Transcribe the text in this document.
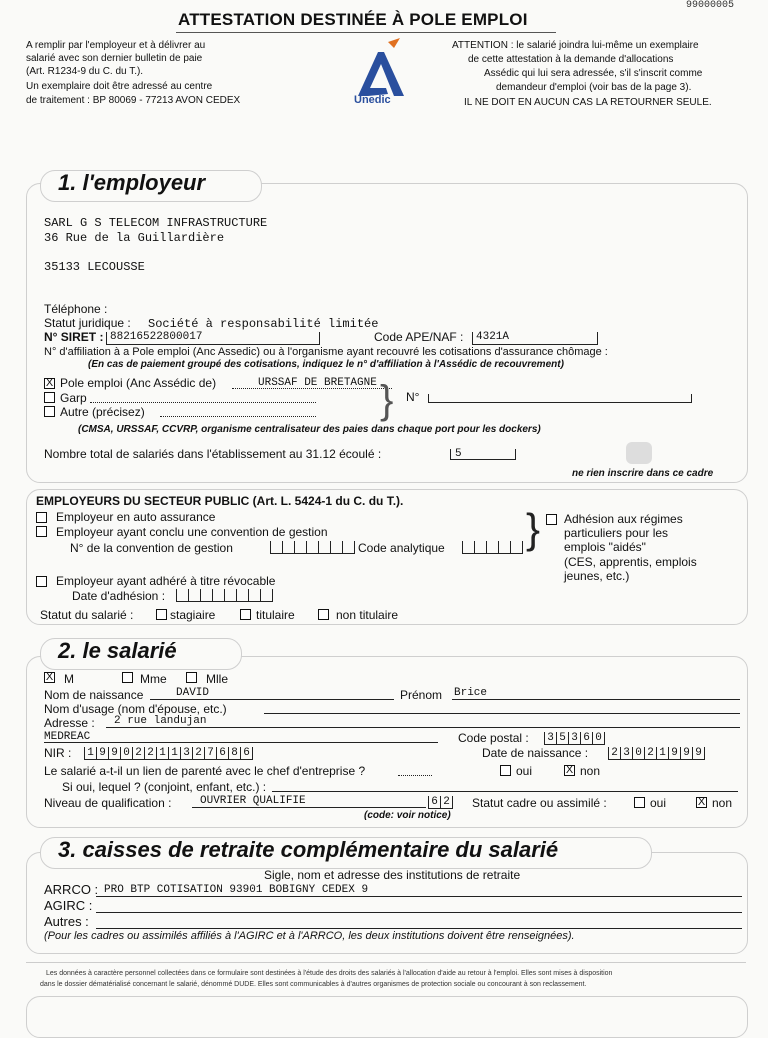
99000005
ATTESTATION DESTINÉE À POLE EMPLOI
A remplir par l'employeur et à délivrer au
salarié avec son dernier bulletin de paie
(Art. R1234-9 du C. du T.).
Un exemplaire doit être adressé au centre
de traitement : BP 80069 - 77213 AVON CEDEX	Unedic
ATTENTION : le salarié joindra lui-même un exemplaire
de cette attestation à la demande d'allocations
Assédic qui lui sera adressée, s'il s'inscrit comme
demandeur d'emploi (voir bas de la page 3).
IL NE DOIT EN AUCUN CAS LA RETOURNER SEULE.
1. l'employeur
SARL G S TELECOM INFRASTRUCTURE
36 Rue de la Guillardière
35133 LECOUSSE
Téléphone :
Statut juridique : Société à responsabilité limitée
N° SIRET : 88216522800017	Code APE/NAF : 4321A
N° d'affiliation à a Pole emploi (Anc Assedic) ou à l'organisme ayant recouvré les cotisations d'assurance chômage :
(En cas de paiement groupé des cotisations, indiquez le n° d'affiliation à l'Assédic de recouvrement)
X Pole emploi (Anc Assédic de)	URSSAF DE BRETAGNE
Garp
Autre (précisez)	} N°
(CMSA, URSSAF, CCVRP, organisme centralisateur des paies dans chaque port pour les dockers)
Nombre total de salariés dans l'établissement au 31.12 écoulé :	5
ne rien inscrire dans ce cadre
EMPLOYEURS DU SECTEUR PUBLIC (Art. L. 5424-1 du C. du T.).
Employeur en auto assurance
Employeur ayant conclu une convention de gestion
N° de la convention de gestion	Code analytique } Adhésion aux régimes
particuliers pour les
emplois "aidés"
(CES, apprentis, emplois
jeunes, etc.)
Employeur ayant adhéré à titre révocable
Date d'adhésion :
Statut du salarié :	stagiaire	titulaire	non titulaire
2. le salarié
X M	Mme	Mlle
Nom de naissance	DAVID	Prénom Brice
Nom d'usage (nom d'épouse, etc.)
Adresse : 2 rue landujan
MEDREAC	Code postal : 3 5 3 6 0
NIR : 1 9 9 0 2 2 1 1 3 2 7 6 8 6	Date de naissance : 2 3 0 2 1 9 9 9
Le salarié a-t-il un lien de parenté avec le chef d'entreprise ?	oui	X non
Si oui, lequel ? (conjoint, enfant, etc.) :
Niveau de qualification :	OUVRIER QUALIFIE	6 2 Statut cadre ou assimilé :	oui	X non
(code: voir notice)
3. caisses de retraite complémentaire du salarié
Sigle, nom et adresse des institutions de retraite
ARRCO : PRO BTP COTISATION 93901 BOBIGNY CEDEX 9
AGIRC :
Autres :
(Pour les cadres ou assimilés affiliés à l'AGIRC et à l'ARRCO, les deux institutions doivent être renseignées).
Les données à caractère personnel collectées dans ce formulaire sont destinées à l'étude des droits des salariés à l'allocation d'aide au retour à l'emploi. Elles sont mises à disposition
dans le dossier dématérialisé concernant le salarié, dénommé DUDE. Elles sont communicables à d'autres organismes de protection sociale ou concourant à son reclassement.
